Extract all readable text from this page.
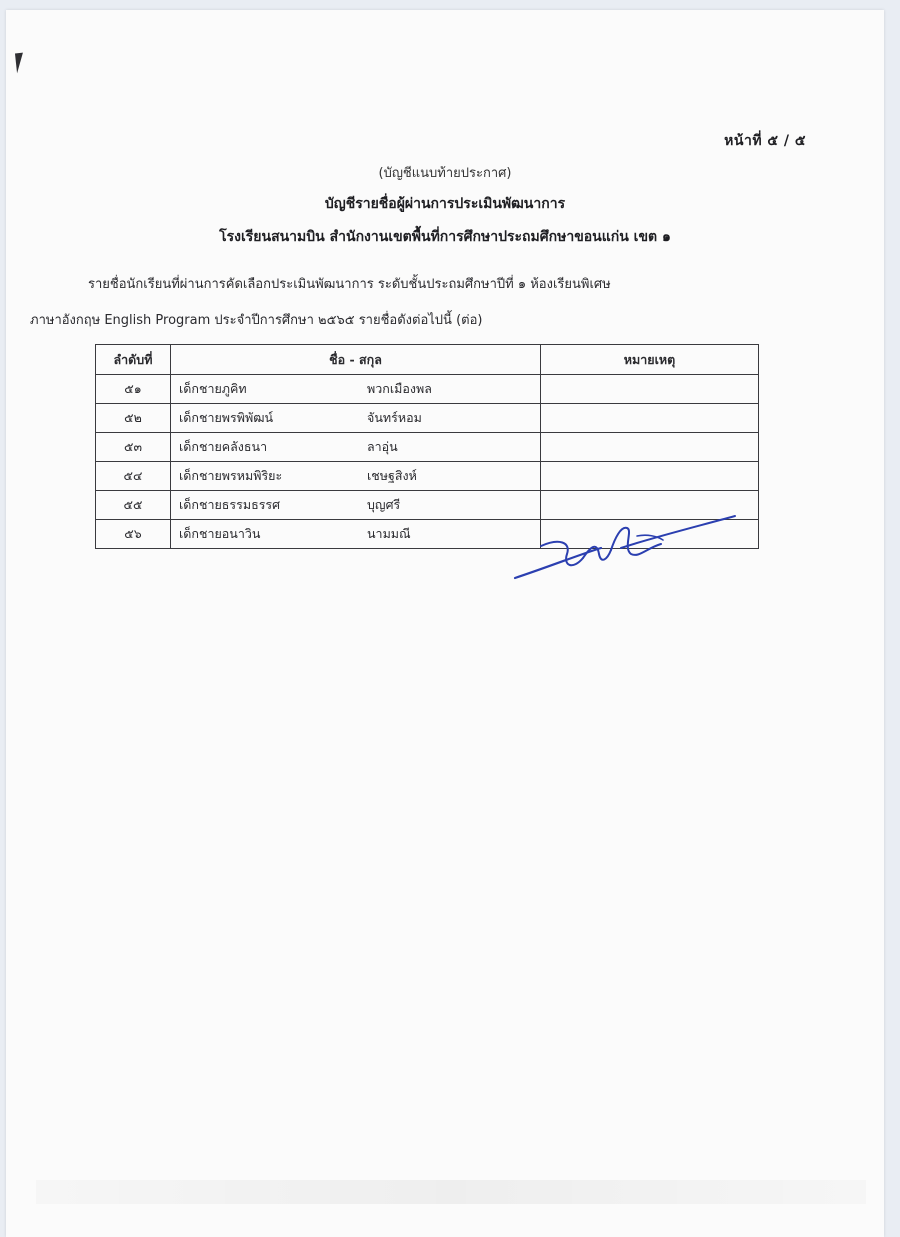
หน้าที่ ๕ / ๕
(บัญชีแนบท้ายประกาศ)
บัญชีรายชื่อผู้ผ่านการประเมินพัฒนาการ
โรงเรียนสนามบิน สำนักงานเขตพื้นที่การศึกษาประถมศึกษาขอนแก่น เขต ๑
รายชื่อนักเรียนที่ผ่านการคัดเลือกประเมินพัฒนาการ ระดับชั้นประถมศึกษาปีที่ ๑ ห้องเรียนพิเศษ
ภาษาอังกฤษ English Program ประจำปีการศึกษา ๒๕๖๕ รายชื่อดังต่อไปนี้ (ต่อ)
ลำดับที่	ชื่อ - สกุล	หมายเหตุ
๕๑	เด็กชายภูคิท พวกเมืองพล	
๕๒	เด็กชายพรพิพัฒน์ จันทร์หอม	
๕๓	เด็กชายคลังธนา ลาอุ่น	
๕๔	เด็กชายพรหมพิริยะ เชษฐสิงห์	
๕๕	เด็กชายธรรมธรรศ บุญศรี	
๕๖	เด็กชายอนาวิน นามมณี	
